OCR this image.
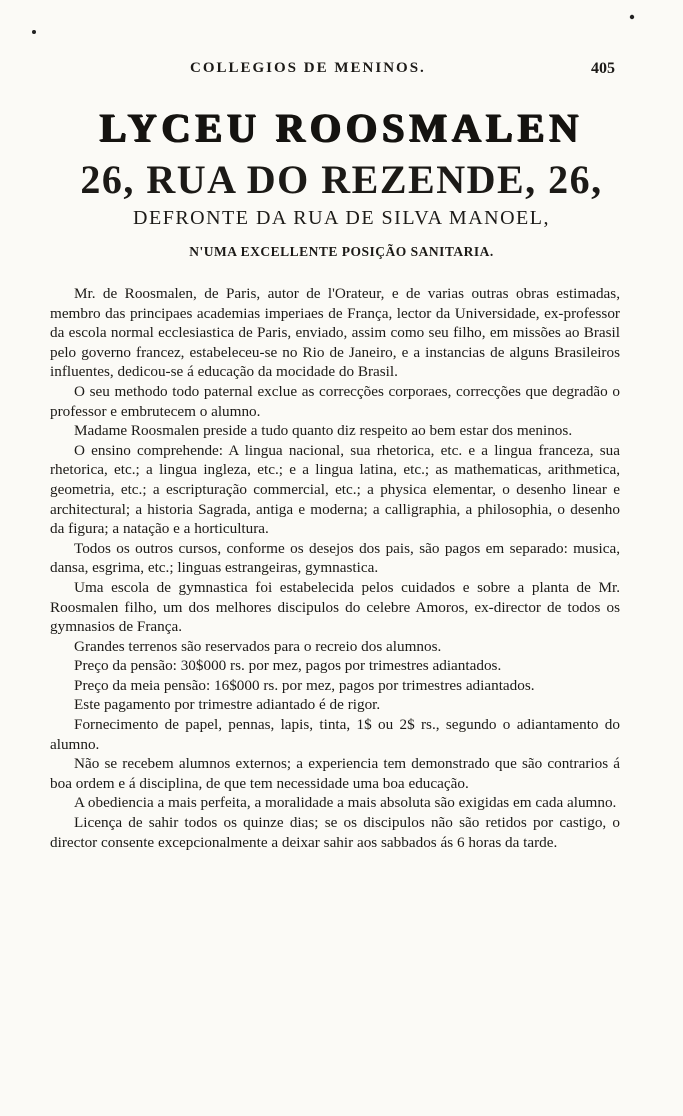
COLLEGIOS DE MENINOS.	405
LYCEU ROOSMALEN
26, RUA DO REZENDE, 26,
DEFRONTE DA RUA DE SILVA MANOEL,
N'UMA EXCELLENTE POSIÇÃO SANITARIA.

Mr. de Roosmalen, de Paris, autor de l'Orateur, e de varias outras obras estimadas, membro das principaes academias imperiaes de França, lector da Universidade, ex-professor da escola normal ecclesiastica de Paris, enviado, assim como seu filho, em missões ao Brasil pelo governo francez, estabeleceu-se no Rio de Janeiro, e a instancias de alguns Brasileiros influentes, dedicou-se á educação da mocidade do Brasil.

O seu methodo todo paternal exclue as correcções corporaes, correcções que degradão o professor e embrutecem o alumno.

Madame Roosmalen preside a tudo quanto diz respeito ao bem estar dos meninos.

O ensino comprehende: A lingua nacional, sua rhetorica, etc. e a lingua franceza, sua rhetorica, etc.; a lingua ingleza, etc.; e a lingua latina, etc.; as mathematicas, arithmetica, geometria, etc.; a escripturação commercial, etc.; a physica elementar, o desenho linear e architectural; a historia Sagrada, antiga e moderna; a calligraphia, a philosophia, o desenho da figura; a natação e a horticultura.

Todos os outros cursos, conforme os desejos dos pais, são pagos em separado: musica, dansa, esgrima, etc.; linguas estrangeiras, gymnastica.

Uma escola de gymnastica foi estabelecida pelos cuidados e sobre a planta de Mr. Roosmalen filho, um dos melhores discipulos do celebre Amoros, ex-director de todos os gymnasios de França.

Grandes terrenos são reservados para o recreio dos alumnos.

Preço da pensão: 30$000 rs. por mez, pagos por trimestres adiantados.

Preço da meia pensão: 16$000 rs. por mez, pagos por trimestres adiantados.

Este pagamento por trimestre adiantado é de rigor.

Fornecimento de papel, pennas, lapis, tinta, 1$ ou 2$ rs., segundo o adiantamento do alumno.

Não se recebem alumnos externos; a experiencia tem demonstrado que são contrarios á boa ordem e á disciplina, de que tem necessidade uma boa educação.

A obediencia a mais perfeita, a moralidade a mais absoluta são exigidas em cada alumno.

Licença de sahir todos os quinze dias; se os discipulos não são retidos por castigo, o director consente excepcionalmente a deixar sahir aos sabbados ás 6 horas da tarde.
